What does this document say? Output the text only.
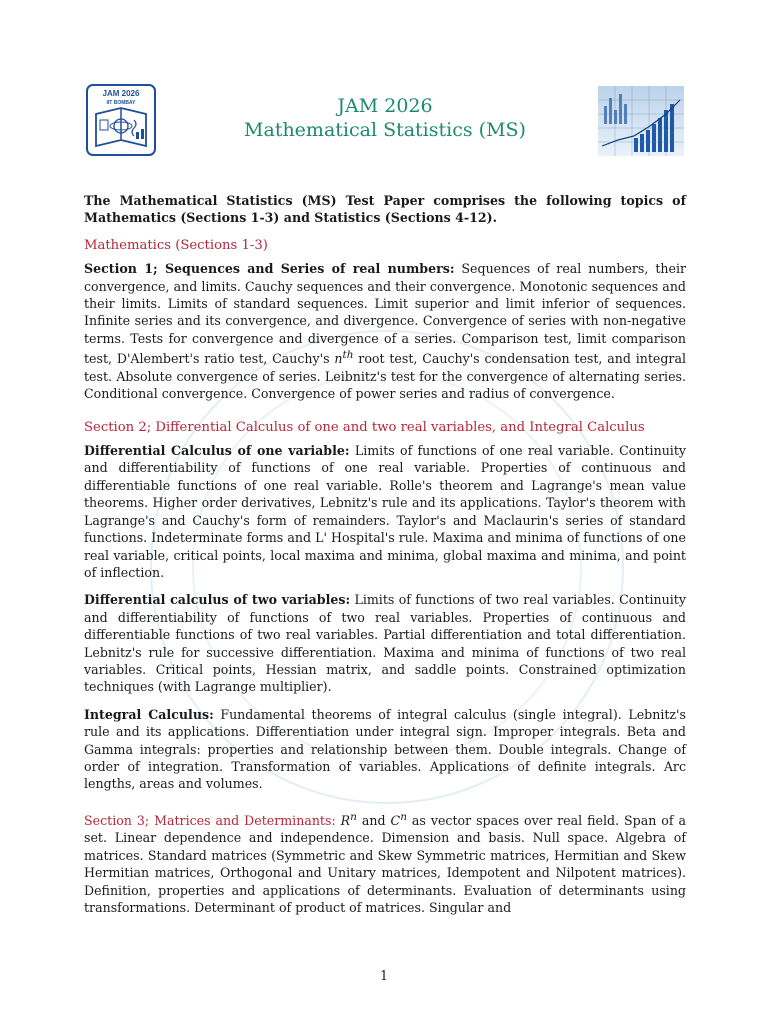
JAM 2026
IIT BOMBAY	JAM 2026
Mathematical Statistics (MS)

The Mathematical Statistics (MS) Test Paper comprises the following topics of Mathematics (Sections 1-3) and Statistics (Sections 4-12).

Mathematics (Sections 1-3)

Section 1; Sequences and Series of real numbers: Sequences of real numbers, their convergence, and limits. Cauchy sequences and their convergence. Monotonic sequences and their limits. Limits of standard sequences. Limit superior and limit inferior of sequences. Infinite series and its convergence, and divergence. Convergence of series with non-negative terms. Tests for convergence and divergence of a series. Comparison test, limit comparison test, D'Alembert's ratio test, Cauchy's $n^{th}$ root test, Cauchy's condensation test, and integral test. Absolute convergence of series. Leibnitz's test for the convergence of alternating series. Conditional convergence. Convergence of power series and radius of convergence.

Section 2; Differential Calculus of one and two real variables, and Integral Calculus

Differential Calculus of one variable: Limits of functions of one real variable. Continuity and differentiability of functions of one real variable. Properties of continuous and differentiable functions of one real variable. Rolle's theorem and Lagrange's mean value theorems. Higher order derivatives, Lebnitz's rule and its applications. Taylor's theorem with Lagrange's and Cauchy's form of remainders. Taylor's and Maclaurin's series of standard functions. Indeterminate forms and L' Hospital's rule. Maxima and minima of functions of one real variable, critical points, local maxima and minima, global maxima and minima, and point of inflection.

Differential calculus of two variables: Limits of functions of two real variables. Continuity and differentiability of functions of two real variables. Properties of continuous and differentiable functions of two real variables. Partial differentiation and total differentiation. Lebnitz's rule for successive differentiation. Maxima and minima of functions of two real variables. Critical points, Hessian matrix, and saddle points. Constrained optimization techniques (with Lagrange multiplier).

Integral Calculus: Fundamental theorems of integral calculus (single integral). Lebnitz's rule and its applications. Differentiation under integral sign. Improper integrals. Beta and Gamma integrals: properties and relationship between them. Double integrals. Change of order of integration. Transformation of variables. Applications of definite integrals. Arc lengths, areas and volumes.

Section 3; Matrices and Determinants: $R^n$ and $C^n$ as vector spaces over real field. Span of a set. Linear dependence and independence. Dimension and basis. Null space. Algebra of matrices. Standard matrices (Symmetric and Skew Symmetric matrices, Hermitian and Skew Hermitian matrices, Orthogonal and Unitary matrices, Idempotent and Nilpotent matrices). Definition, properties and applications of determinants. Evaluation of determinants using transformations. Determinant of product of matrices. Singular and

1
